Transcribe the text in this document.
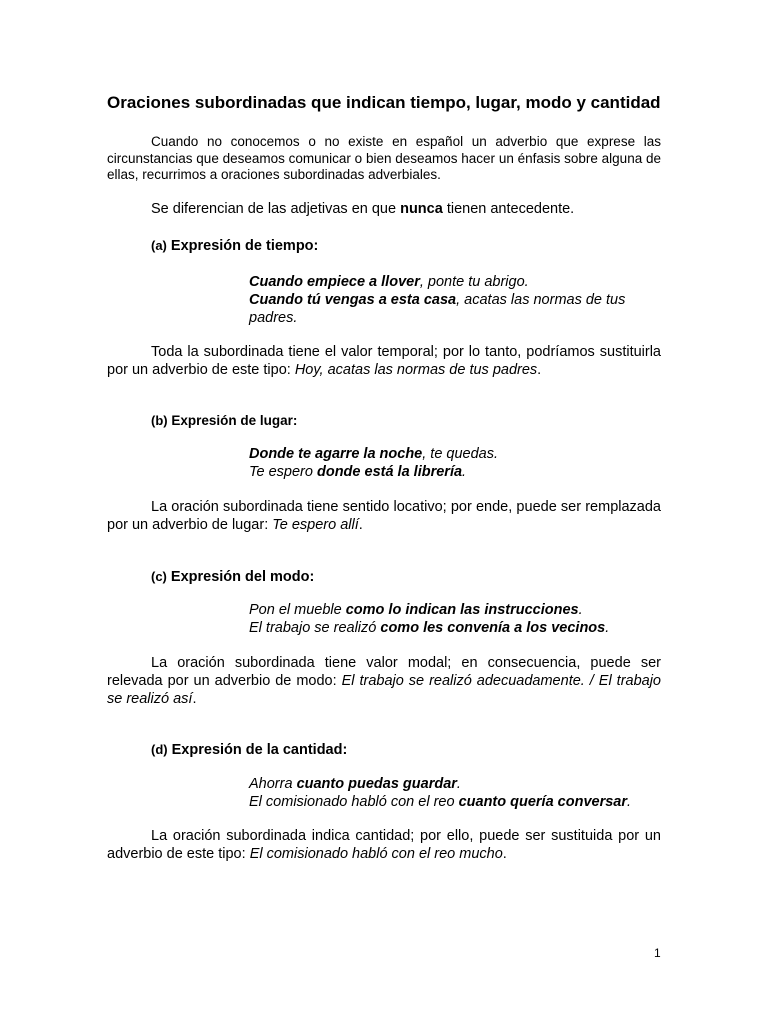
Oraciones subordinadas que indican tiempo, lugar, modo y cantidad

Cuando no conocemos o no existe en español un adverbio que exprese las circunstancias que deseamos comunicar o bien deseamos hacer un énfasis sobre alguna de ellas, recurrimos a oraciones subordinadas adverbiales.

Se diferencian de las adjetivas en que nunca tienen antecedente.

(a) Expresión de tiempo:
Cuando empiece a llover, ponte tu abrigo.
Cuando tú vengas a esta casa, acatas las normas de tus padres.

Toda la subordinada tiene el valor temporal; por lo tanto, podríamos sustituirla por un adverbio de este tipo: Hoy, acatas las normas de tus padres.

(b) Expresión de lugar:
Donde te agarre la noche, te quedas.
Te espero donde está la librería.

La oración subordinada tiene sentido locativo; por ende, puede ser remplazada por un adverbio de lugar: Te espero allí.

(c) Expresión del modo:
Pon el mueble como lo indican las instrucciones.
El trabajo se realizó como les convenía a los vecinos.

La oración subordinada tiene valor modal; en consecuencia, puede ser relevada por un adverbio de modo: El trabajo se realizó adecuadamente. / El trabajo se realizó así.

(d) Expresión de la cantidad:
Ahorra cuanto puedas guardar.
El comisionado habló con el reo cuanto quería conversar.

La oración subordinada indica cantidad; por ello, puede ser sustituida por un adverbio de este tipo: El comisionado habló con el reo mucho.

1
